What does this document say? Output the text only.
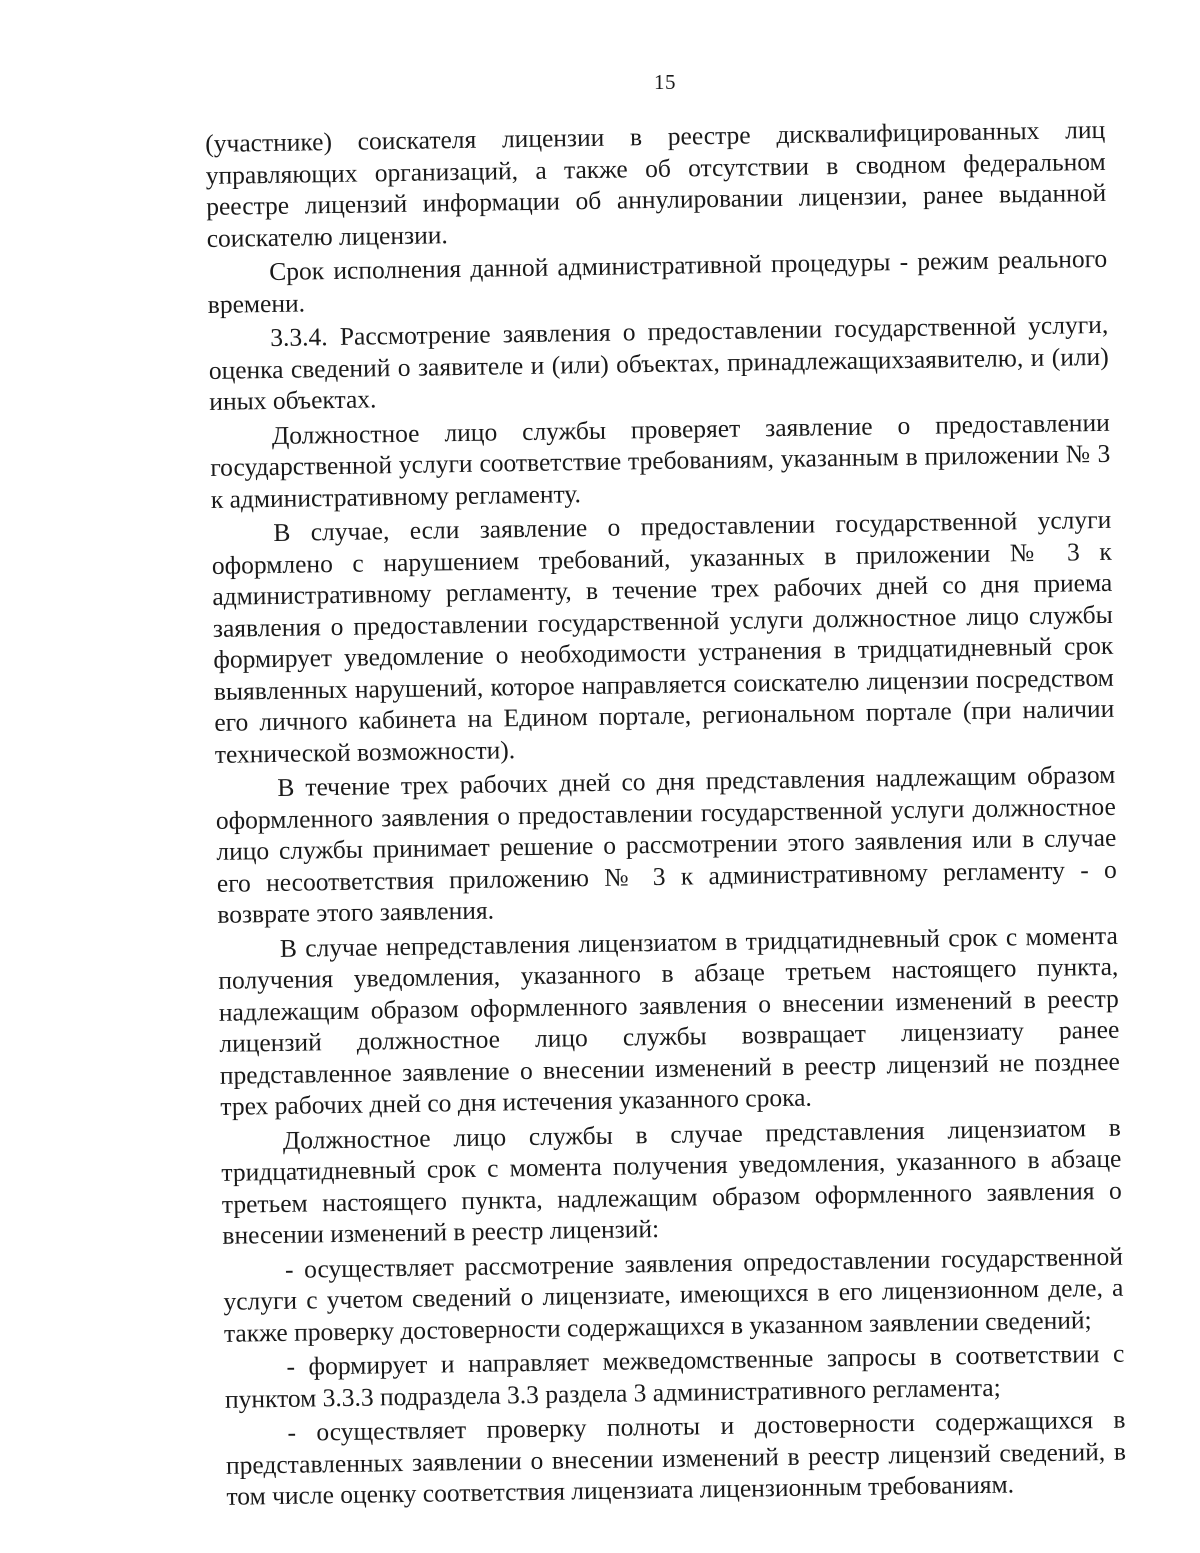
15

(участнике) соискателя лицензии в реестре дисквалифицированных лиц управляющих организаций, а также об отсутствии в сводном федеральном реестре лицензий информации об аннулировании лицензии, ранее выданной соискателю лицензии.

Срок исполнения данной административной процедуры - режим реального времени.

3.3.4. Рассмотрение заявления о предоставлении государственной услуги, оценка сведений о заявителе и (или) объектах, принадлежащихзаявителю, и (или) иных объектах.

Должностное лицо службы проверяет заявление о предоставлении государственной услуги соответствие требованиям, указанным в приложении № 3 к административному регламенту.

В случае, если заявление о предоставлении государственной услуги оформлено с нарушением требований, указанных в приложении № 3 к административному регламенту, в течение трех рабочих дней со дня приема заявления о предоставлении государственной услуги должностное лицо службы формирует уведомление о необходимости устранения в тридцатидневный срок выявленных нарушений, которое направляется соискателю лицензии посредством его личного кабинета на Едином портале, региональном портале (при наличии технической возможности).

В течение трех рабочих дней со дня представления надлежащим образом оформленного заявления о предоставлении государственной услуги должностное лицо службы принимает решение о рассмотрении этого заявления или в случае его несоответствия приложению № 3 к административному регламенту - о возврате этого заявления.

В случае непредставления лицензиатом в тридцатидневный срок с момента получения уведомления, указанного в абзаце третьем настоящего пункта, надлежащим образом оформленного заявления о внесении изменений в реестр лицензий должностное лицо службы возвращает лицензиату ранее представленное заявление о внесении изменений в реестр лицензий не позднее трех рабочих дней со дня истечения указанного срока.

Должностное лицо службы в случае представления лицензиатом в тридцатидневный срок с момента получения уведомления, указанного в абзаце третьем настоящего пункта, надлежащим образом оформленного заявления о внесении изменений в реестр лицензий:

- осуществляет рассмотрение заявления опредоставлении государственной услуги с учетом сведений о лицензиате, имеющихся в его лицензионном деле, а также проверку достоверности содержащихся в указанном заявлении сведений;

- формирует и направляет межведомственные запросы в соответствии с пунктом 3.3.3 подраздела 3.3 раздела 3 административного регламента;

- осуществляет проверку полноты и достоверности содержащихся в представленных заявлении о внесении изменений в реестр лицензий сведений, в том числе оценку соответствия лицензиата лицензионным требованиям.
